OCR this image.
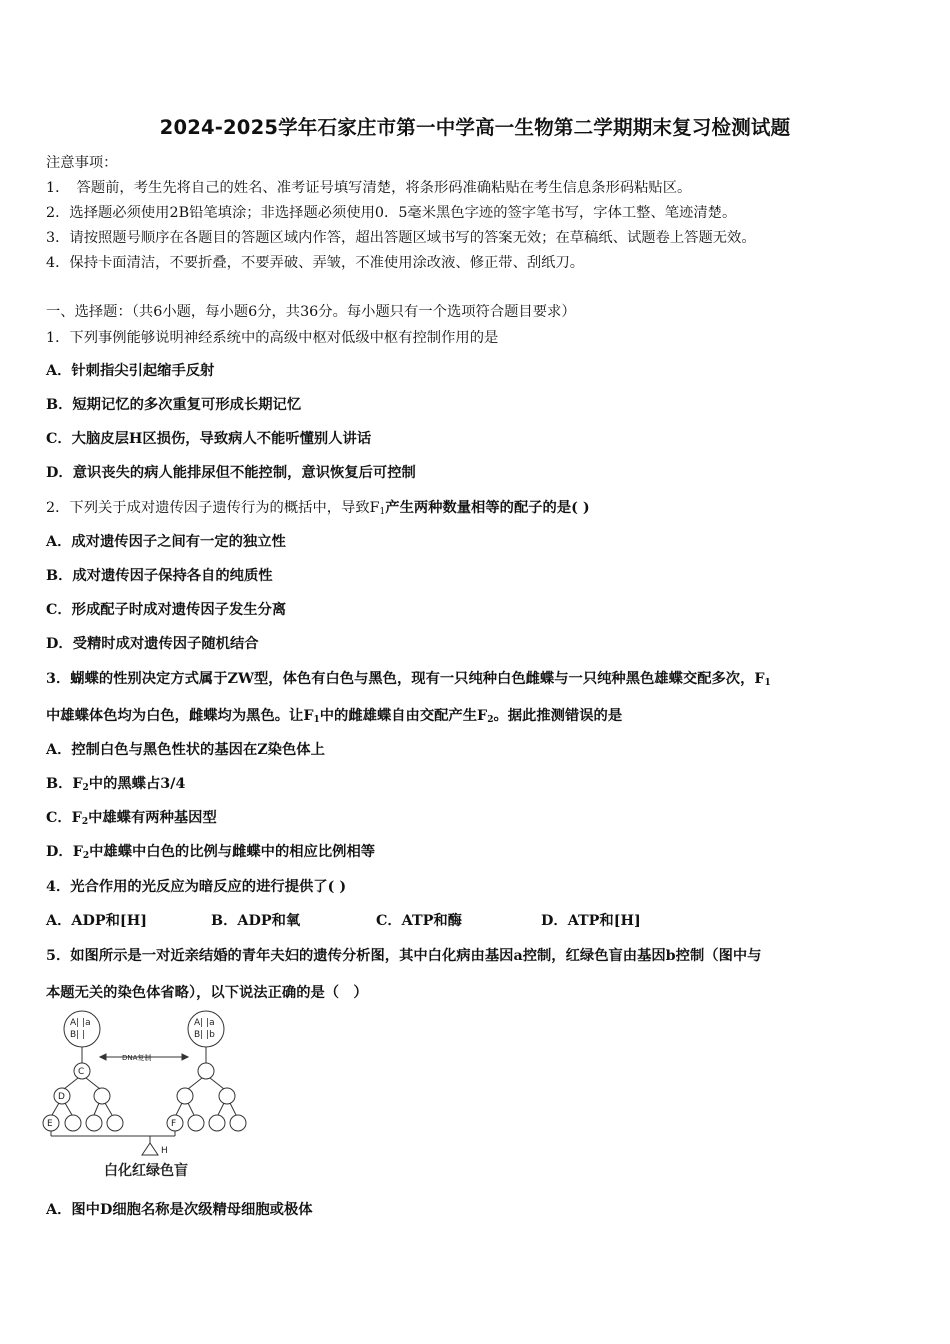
2024-2025学年石家庄市第一中学高一生物第二学期期末复习检测试题
注意事项：
1．　答题前，考生先将自己的姓名、准考证号填写清楚，将条形码准确粘贴在考生信息条形码粘贴区。
2．选择题必须使用2B铅笔填涂；非选择题必须使用0．5毫米黑色字迹的签字笔书写，字体工整、笔迹清楚。
3．请按照题号顺序在各题目的答题区域内作答，超出答题区域书写的答案无效；在草稿纸、试题卷上答题无效。
4．保持卡面清洁，不要折叠，不要弄破、弄皱，不准使用涂改液、修正带、刮纸刀。
一、选择题：（共6小题，每小题6分，共36分。每小题只有一个选项符合题目要求）
1．下列事例能够说明神经系统中的高级中枢对低级中枢有控制作用的是
A．针刺指尖引起缩手反射
B．短期记忆的多次重复可形成长期记忆
C．大脑皮层H区损伤，导致病人不能听懂别人讲话
D．意识丧失的病人能排尿但不能控制，意识恢复后可控制
2．下列关于成对遗传因子遗传行为的概括中，导致$F_1$产生两种数量相等的配子的是( )
A．成对遗传因子之间有一定的独立性
B．成对遗传因子保持各自的纯质性
C．形成配子时成对遗传因子发生分离
D．受精时成对遗传因子随机结合
3．蝴蝶的性别决定方式属于ZW型，体色有白色与黑色，现有一只纯种白色雌蝶与一只纯种黑色雄蝶交配多次，$F_1$
中雄蝶体色均为白色，雌蝶均为黑色。让$F_1$中的雌雄蝶自由交配产生$F_2$。据此推测错误的是
A．控制白色与黑色性状的基因在Z染色体上
B．$F_2$中的黑蝶占3/4
C．$F_2$中雄蝶有两种基因型
D．$F_2$中雄蝶中白色的比例与雌蝶中的相应比例相等
4．光合作用的光反应为暗反应的进行提供了( )
A．ADP和[H]	B．ADP和氧	C．ATP和酶	D．ATP和[H]
5．如图所示是一对近亲结婚的青年夫妇的遗传分析图，其中白化病由基因a控制，红绿色盲由基因b控制（图中与
本题无关的染色体省略），以下说法正确的是（　）
A| |a
B| |
A| |a
B| |b
DNA复制
C
D
E	F
H
白化红绿色盲
A．图中D细胞名称是次级精母细胞或极体
